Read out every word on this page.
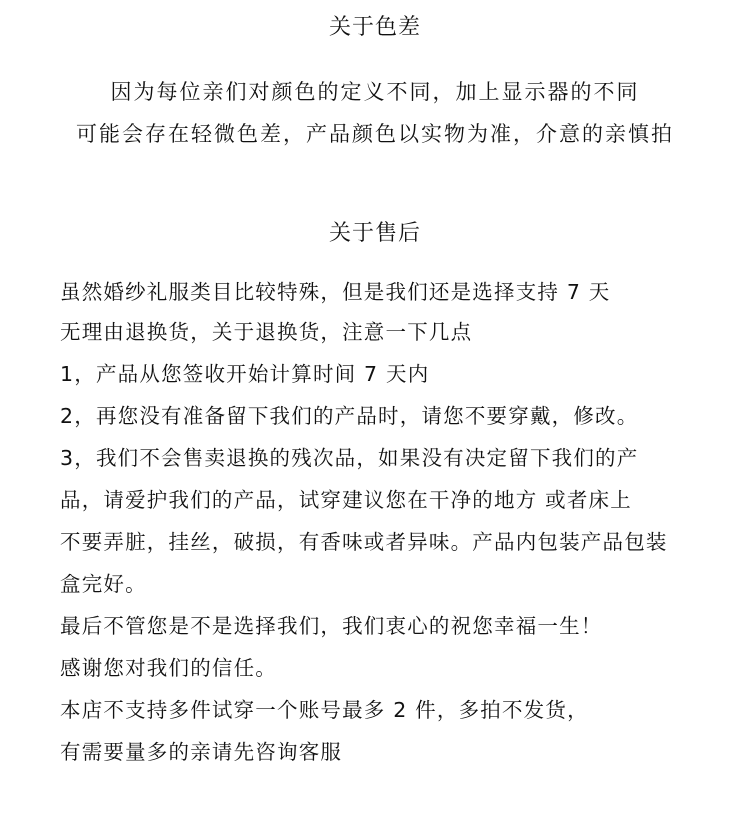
关于色差
因为每位亲们对颜色的定义不同，加上显示器的不同
可能会存在轻微色差，产品颜色以实物为准，介意的亲慎拍
关于售后
虽然婚纱礼服类目比较特殊，但是我们还是选择支持 7 天
无理由退换货，关于退换货，注意一下几点
1，产品从您签收开始计算时间 7 天内
2，再您没有准备留下我们的产品时，请您不要穿戴，修改。
3，我们不会售卖退换的残次品，如果没有决定留下我们的产
品，请爱护我们的产品，试穿建议您在干净的地方 或者床上
不要弄脏，挂丝，破损，有香味或者异味。产品内包装产品包装
盒完好。
最后不管您是不是选择我们，我们衷心的祝您幸福一生！
感谢您对我们的信任。
本店不支持多件试穿一个账号最多 2 件，多拍不发货，
有需要量多的亲请先咨询客服
